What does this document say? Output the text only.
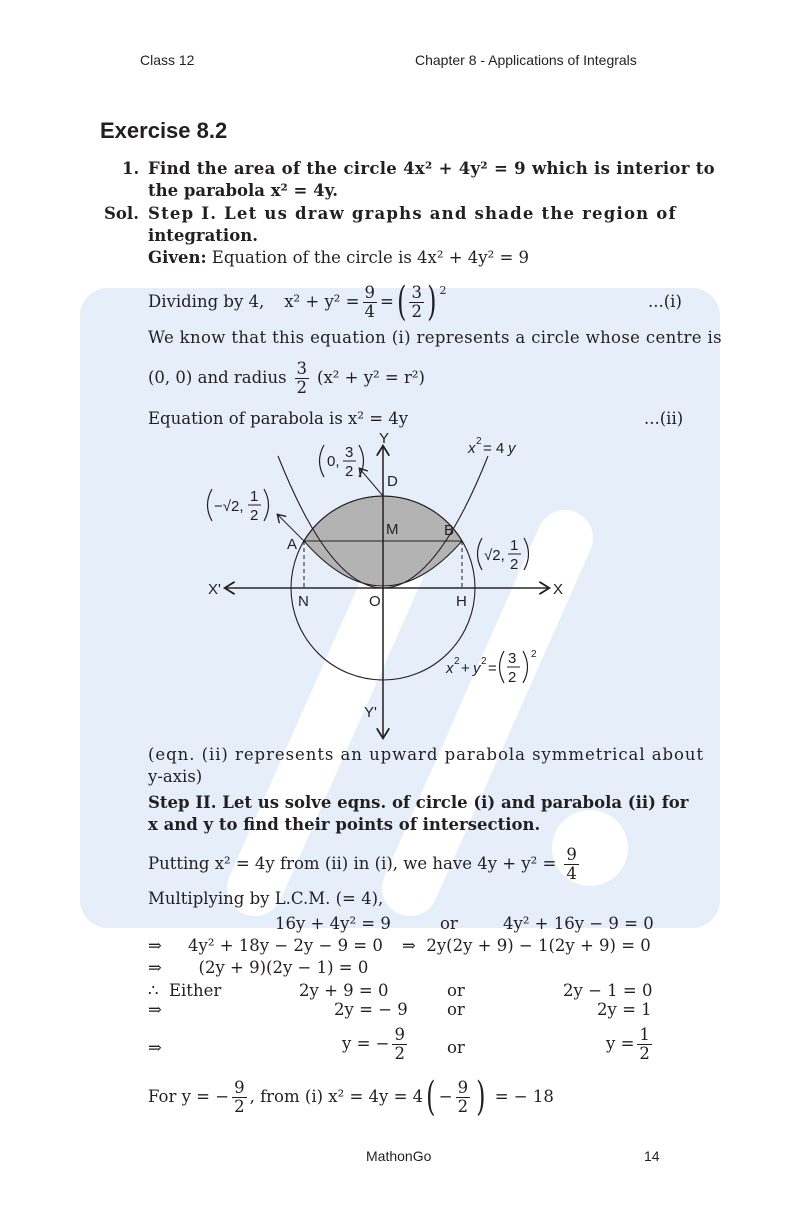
Class 12	Chapter 8 - Applications of Integrals
Exercise 8.2
1. Find the area of the circle 4x² + 4y² = 9 which is interior to
the parabola x² = 4y.
Sol. Step I. Let us draw graphs and shade the region of
integration.
Given: Equation of the circle is 4x² + 4y² = 9
Dividing by 4, $x^2 + y^2 = \frac{9}{4}$ = ( $\frac{3}{2}$ ) 2
...(i)
We know that this equation (i) represents a circle whose centre is
(0, 0) and radius $\frac{3}{2} (x^2 + y^2 = r^2)$
Equation of parabola is x² = 4y	...(ii)
Y
Y'
X
X'
D
M
A
B
N	O	H
x 2 = 4 y
x 2 + y 2 =
3
2
2
0,
3
2
−√2,
1
2
√2,
1
2
(eqn. (ii) represents an upward parabola symmetrical about
y-axis)
Step II. Let us solve eqns. of circle (i) and parabola (ii) for
x and y to find their points of intersection.
Putting x² = 4y from (ii) in (i), we have $4y + y^2 = \frac{9}{4}$
Multiplying by L.C.M. (= 4),
16y + 4y² = 9	or	4y² + 16y − 9 = 0
⇒     4y² + 18y − 2y − 9 = 0 ⇒  2y(2y + 9) − 1(2y + 9) = 0
⇒       (2y + 9)(2y − 1) = 0
∴  Either	2y + 9 = 0	or	2y − 1 = 0
⇒	2y = − 9 or	2y = 1
⇒	y = − $\frac{9}{2}$ or	$y = \frac{1}{2}$
For y = − $\frac{9}{2}$ , from (i) x² = 4y = 4 ( − $\frac{9}{2}$ ) = − 18
MathonGo	14
